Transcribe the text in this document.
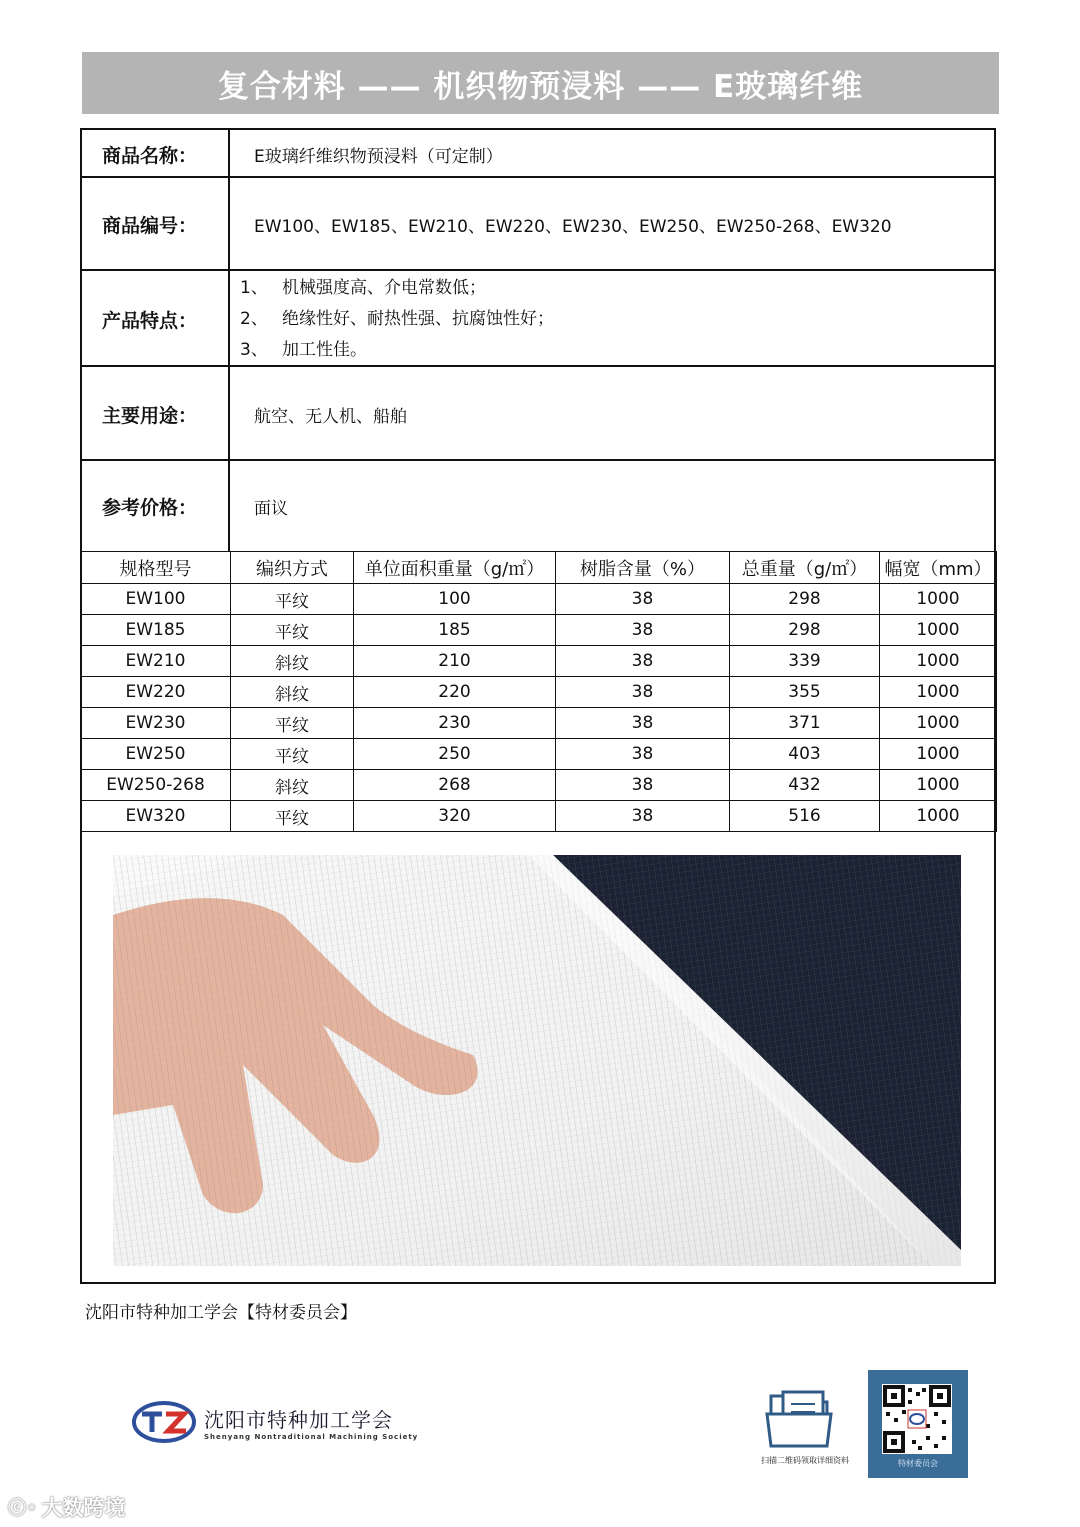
复合材料 —— 机织物预浸料 —— E玻璃纤维
商品名称：	E玻璃纤维织物预浸料（可定制）
商品编号：	EW100、EW185、EW210、EW220、EW230、EW250、EW250-268、EW320
产品特点：
1、 机械强度高、介电常数低；
2、 绝缘性好、耐热性强、抗腐蚀性好；
3、 加工性佳。
主要用途：	航空、无人机、船舶
参考价格：	面议
规格型号	编织方式	单位面积重量（g/㎡）	树脂含量（%）	总重量（g/㎡）	幅宽（mm）
EW100	平纹	100	38	298	1000
EW185	平纹	185	38	298	1000
EW210	斜纹	210	38	339	1000
EW220	斜纹	220	38	355	1000
EW230	平纹	230	38	371	1000
EW250	平纹	250	38	403	1000
EW250-268	斜纹	268	38	432	1000
EW320	平纹	320	38	516	1000
沈阳市特种加工学会【特材委员会】
沈阳市特种加工学会
Shenyang Nontraditional Machining Society
扫描二维码领取详细资料	特材委员会
ⓒ◦ 大数跨境
